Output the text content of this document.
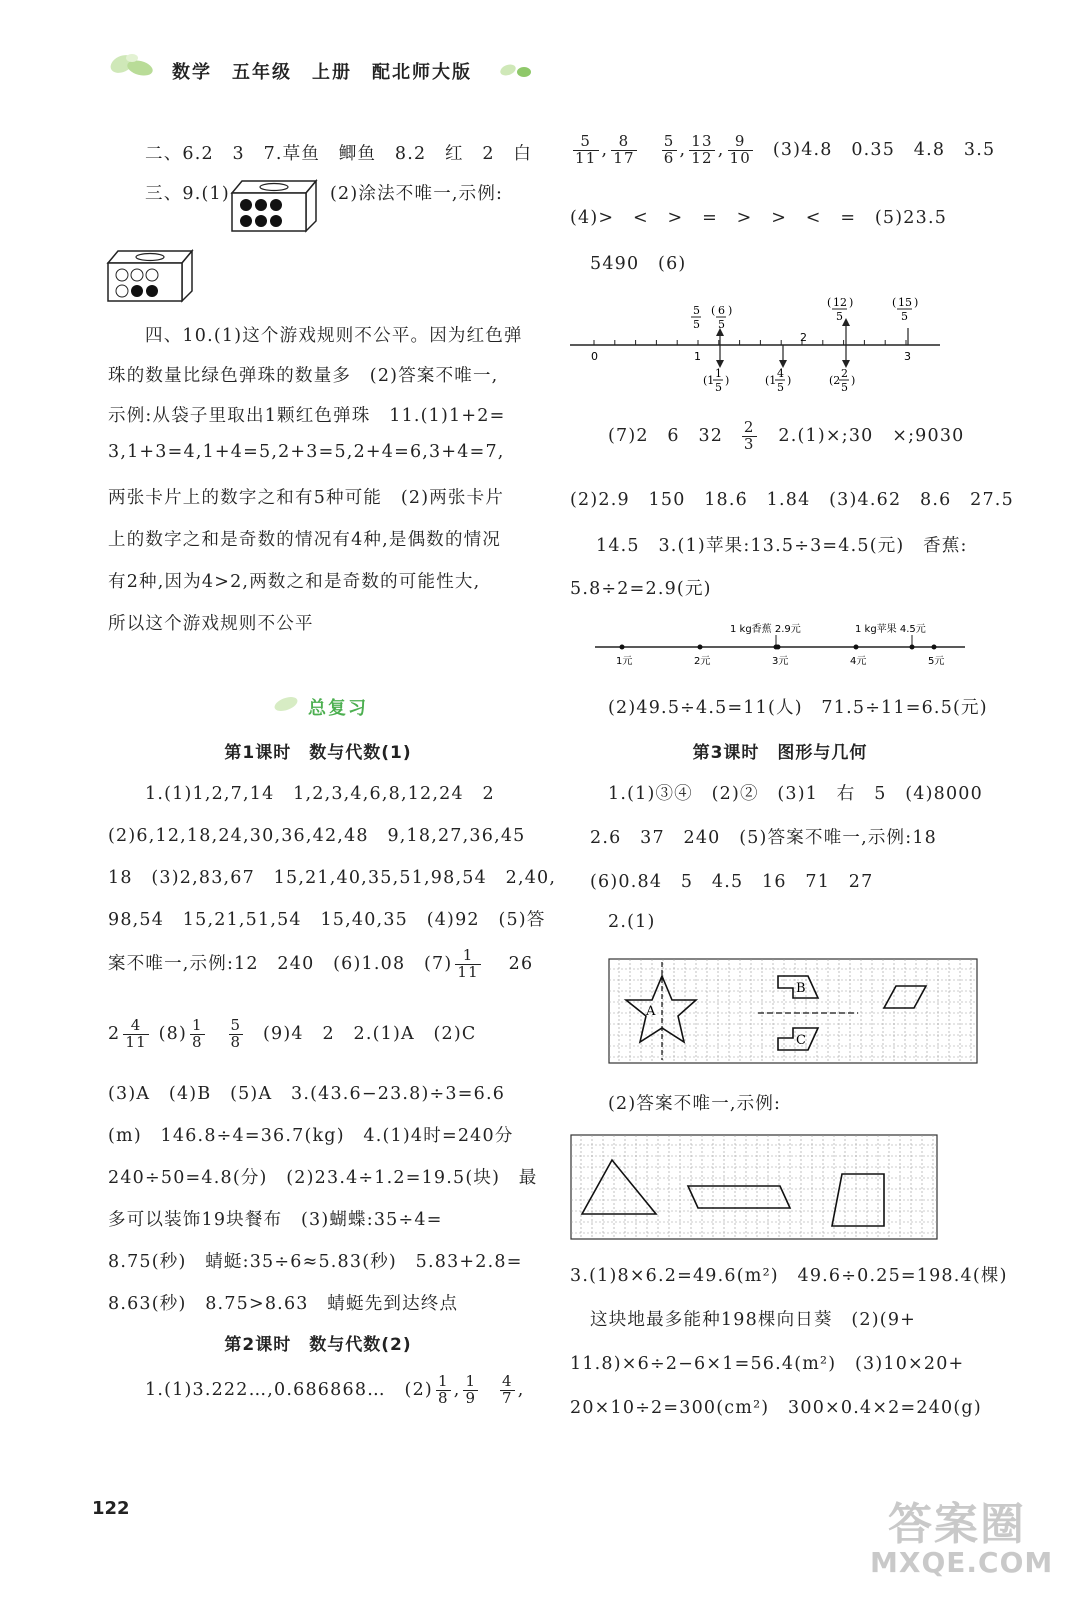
数学　五年级　上册　配北师大版
二、6.2　3　7.草鱼　鲫鱼　8.2　红　2　白
三、9.(1)	(2)涂法不唯一,示例:
四、10.(1)这个游戏规则不公平。因为红色弹
珠的数量比绿色弹珠的数量多　(2)答案不唯一,
示例:从袋子里取出1颗红色弹珠　11.(1)1+2=
3,1+3=4,1+4=5,2+3=5,2+4=6,3+4=7,
两张卡片上的数字之和有5种可能　(2)两张卡片
上的数字之和是奇数的情况有4种,是偶数的情况
有2种,因为4>2,两数之和是奇数的可能性大,
所以这个游戏规则不公平
总复习
第1课时　数与代数(1)
1.(1)1,2,7,14　1,2,3,4,6,8,12,24　2
(2)6,12,18,24,30,36,42,48　9,18,27,36,45
18　(3)2,83,67　15,21,40,35,51,98,54　2,40,
98,54　15,21,51,54　15,40,35　(4)92　(5)答
案不唯一,示例:12　240　(6)1.08　$(7) \frac{1}{11} 26$
$2 \frac{4}{11} (8) \frac{1}{8}$
$\frac{5}{8} (9)4$　2　2.(1)A　(2)C
(3)A　(4)B　(5)A　3.(43.6−23.8)÷3=6.6
(m)　146.8÷4=36.7(kg)　4.(1)4时=240分
240÷50=4.8(分)　(2)23.4÷1.2=19.5(块)　最
多可以装饰19块餐布　(3)蝴蝶:35÷4=
8.75(秒)　蜻蜓:35÷6≈5.83(秒)　5.83+2.8=
8.63(秒)　8.75>8.63　蜻蜓先到达终点
第2课时　数与代数(2)
1.(1)3.222…,0.686868…　$(2) \frac{1}{8}$ , $\frac{1}{9}$
$\frac{4}{7}$ ,
$\frac{5}{11}$ , $\frac{8}{17} \frac{5}{6}$ , $\frac{13}{12}$ , $\frac{9}{10} (3)4.8$　0.35　4.8　3.5
(4)>　<　>　=　>　>　<　=　(5)23.5
5490　(6)
0	1
2
3
5
5
( 6
5
)
( 12
5
)	( 15
5
)
(1
1
5
)	(1
4
5
)	(2
2
5
)
(7)2　6　$32 \frac{2}{3}$ 2.(1)×;30　×;9030
(2)2.9　150　18.6̇　1.84　(3)4.62　8.6　27.5
14.5　3.(1)苹果:13.5÷3=4.5(元)　香蕉:
5.8÷2=2.9(元)
1元	2元	3元	4元	5元
1 kg香蕉 2.9元	1 kg苹果 4.5元
(2)49.5÷4.5=11(人)　71.5÷11=6.5(元)
第3课时　图形与几何
1.(1)③④　(2)②　(3)1　右　5　(4)8000
2.6　37　240　(5)答案不唯一,示例:18
(6)0.84　5　4.5　16　71　27
2.(1)
A
B
C
(2)答案不唯一,示例:
3.(1)8×6.2=49.6(m²)　49.6÷0.25=198.4(棵)
这块地最多能种198棵向日葵　(2)(9+
11.8)×6÷2−6×1=56.4(m²)　(3)10×20+
20×10÷2=300(cm²)　300×0.4×2=240(g)
122	答案圈
MXQE.COM
